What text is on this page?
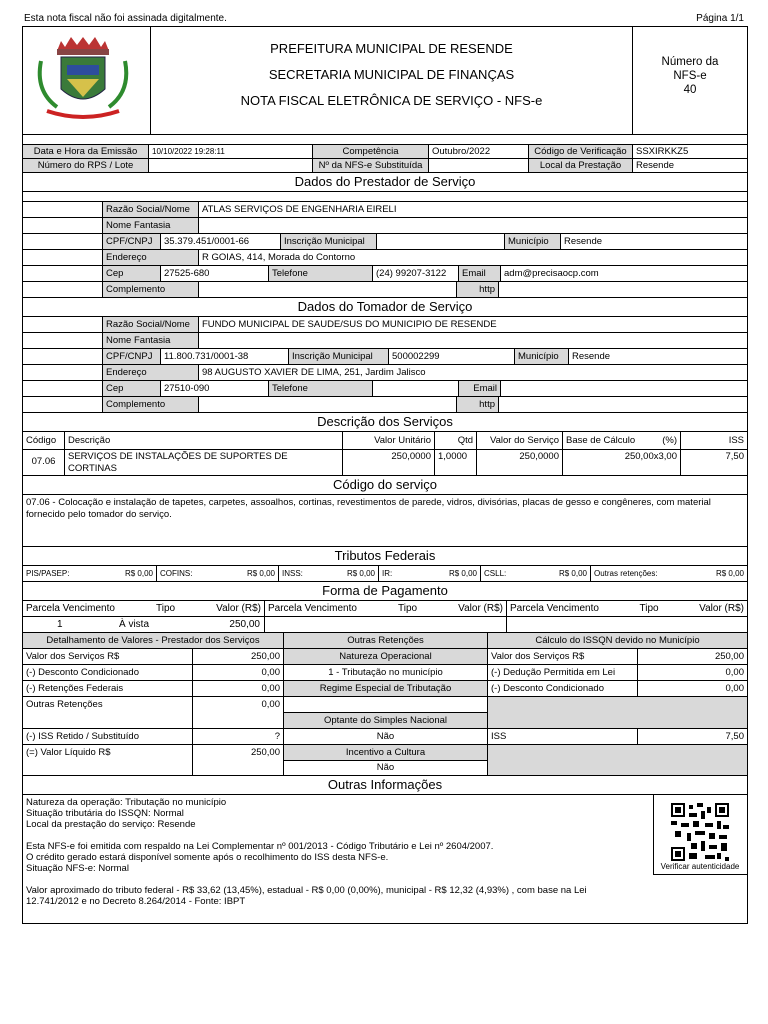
Esta nota fiscal não foi assinada digitalmente.	Página 1/1
PREFEITURA MUNICIPAL DE RESENDE
SECRETARIA MUNICIPAL DE FINANÇAS
NOTA FISCAL ELETRÔNICA DE SERVIÇO - NFS-e
Número da
NFS-e
40
Data e Hora da Emissão	10/10/2022 19:28:11	Competência	Outubro/2022	Código de Verificação SSXIRKKZ5
Número do RPS / Lote	Nº da NFS-e Substituída	Local da Prestação	Resende
Dados do Prestador de Serviço
Razão Social/Nome	ATLAS SERVIÇOS DE ENGENHARIA EIRELI
Nome Fantasia
CPF/CNPJ	35.379.451/0001-66	Inscrição Municipal	Município	Resende
Endereço	R GOIAS, 414, Morada do Contorno
Cep	27525-680	Telefone	(24) 99207-3122	Email	adm@precisaocp.com
Complemento	http
Dados do Tomador de Serviço
Razão Social/Nome	FUNDO MUNICIPAL DE SAUDE/SUS DO MUNICIPIO DE RESENDE
Nome Fantasia
CPF/CNPJ	11.800.731/0001-38	Inscrição Municipal	500002299	Município	Resende
Endereço	98 AUGUSTO XAVIER DE LIMA, 251, Jardim Jalisco
Cep	27510-090	Telefone	Email
Complemento	http
Descrição dos Serviços
Código	Descrição	Valor Unitário	Qtd	Valor do Serviço Base de Cálculo	(%)	ISS
07.06	SERVIÇOS DE INSTALAÇÕES DE SUPORTES DE
CORTINAS
250,0000 1,0000	250,0000	250,00 x 3,00	7,50
Código do serviço
07.06 - Colocação e instalação de tapetes, carpetes, assoalhos, cortinas, revestimentos de parede, vidros, divisórias, placas de gesso e congêneres, com material fornecido pelo tomador do serviço.
Tributos Federais
PIS/PASEP:	R$ 0,00 COFINS:	R$ 0,00 INSS:	R$ 0,00 IR:	R$ 0,00 CSLL:	R$ 0,00 Outras retenções:	R$ 0,00
Forma de Pagamento
Parcela Vencimento	Tipo	Valor (R$) Parcela Vencimento	Tipo	Valor (R$) Parcela Vencimento	Tipo	Valor (R$)
1	À vista	250,00
Detalhamento de Valores - Prestador dos Serviços	Outras Retenções	Cálculo do ISSQN devido no Município
Valor dos Serviços R$	250,00
(-) Desconto Condicionado	0,00
(-) Retenções Federais	0,00
Outras Retenções	0,00
(-) ISS Retido / Substituído	?
(=) Valor Líquido R$	250,00
Natureza Operacional
1 - Tributação no município
Regime Especial de Tributação
Optante do Simples Nacional
Não
Incentivo a Cultura
Não
Valor dos Serviços R$	250,00
(-) Dedução Permitida em Lei	0,00
(-) Desconto Condicionado	0,00
ISS	7,50
Outras Informações
Natureza da operação: Tributação no município
Situação tributária do ISSQN: Normal
Local da prestação do serviço: Resende
Esta NFS-e foi emitida com respaldo na Lei Complementar nº 001/2013 - Código Tributário e Lei nº 2604/2007.
O crédito gerado estará disponível somente após o recolhimento do ISS desta NFS-e.
Situação NFS-e: Normal
Valor aproximado do tributo federal - R$ 33,62 (13,45%), estadual - R$ 0,00 (0,00%), municipal - R$ 12,32 (4,93%) , com base na Lei
12.741/2012 e no Decreto 8.264/2014 - Fonte: IBPT
Verificar autenticidade
